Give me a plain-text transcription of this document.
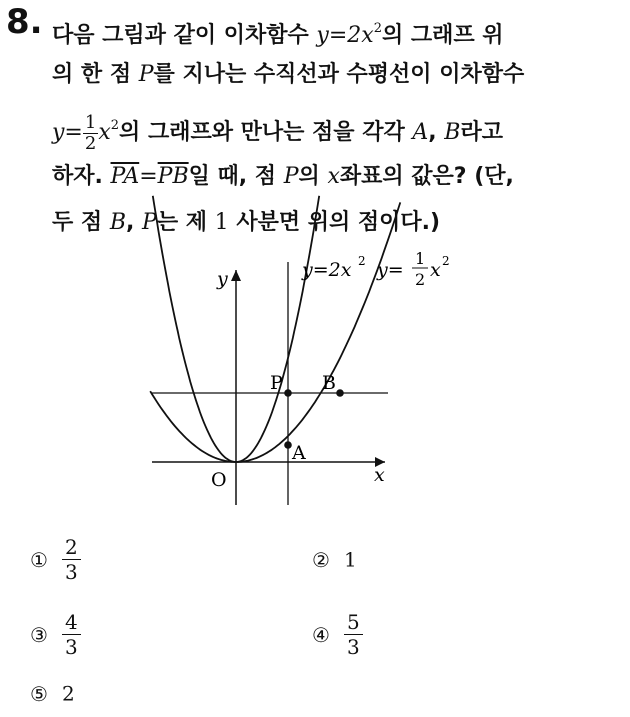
8. 다음 그림과 같이 이차함수 $y=2x^2$의 그래프 위
의 한 점 P를 지나는 수직선과 수평선이 이차함수
$y= \frac{1}{2} x^2$의 그래프와 만나는 점을 각각 A, B라고
하자. $\overline{PA}=\overline{PB}$일 때, 점 P의 x좌표의 값은? (단,
두 점 B, P는 제 1 사분면 위의 점이다.)
y
x
O
P B
A
y=2x 2 y=
1
2 x 2
① $\frac{2}{3}$	② 1
③ $\frac{4}{3}$	④ $\frac{5}{3}$
⑤ 2
